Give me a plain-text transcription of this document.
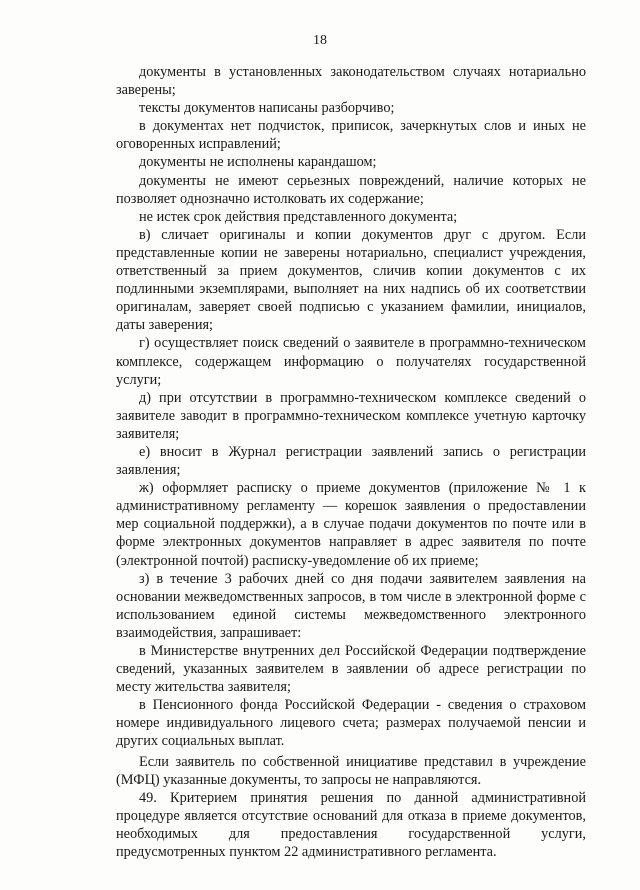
18

документы в установленных законодательством случаях нотариально заверены;

тексты документов написаны разборчиво;

в документах нет подчисток, приписок, зачеркнутых слов и иных не оговоренных исправлений;

документы не исполнены карандашом;

документы не имеют серьезных повреждений, наличие которых не позволяет однозначно истолковать их содержание;

не истек срок действия представленного документа;

в) сличает оригиналы и копии документов друг с другом. Если представленные копии не заверены нотариально, специалист учреждения, ответственный за прием документов, сличив копии документов с их подлинными экземплярами, выполняет на них надпись об их соответствии оригиналам, заверяет своей подписью с указанием фамилии, инициалов, даты заверения;

г) осуществляет поиск сведений о заявителе в программно-техническом комплексе, содержащем информацию о получателях государственной услуги;

д) при отсутствии в программно-техническом комплексе сведений о заявителе заводит в программно-техническом комплексе учетную карточку заявителя;

е) вносит в Журнал регистрации заявлений запись о регистрации заявления;

ж) оформляет расписку о приеме документов (приложение № 1 к административному регламенту — корешок заявления о предоставлении мер социальной поддержки), а в случае подачи документов по почте или в форме электронных документов направляет в адрес заявителя по почте (электронной почтой) расписку-уведомление об их приеме;

з) в течение 3 рабочих дней со дня подачи заявителем заявления на основании межведомственных запросов, в том числе в электронной форме с использованием единой системы межведомственного электронного взаимодействия, запрашивает:

в Министерстве внутренних дел Российской Федерации подтверждение сведений, указанных заявителем в заявлении об адресе регистрации по месту жительства заявителя;

в Пенсионного фонда Российской Федерации - сведения о страховом номере индивидуального лицевого счета; размерах получаемой пенсии и других социальных выплат.

Если заявитель по собственной инициативе представил в учреждение (МФЦ) указанные документы, то запросы не направляются.

49. Критерием принятия решения по данной административной процедуре является отсутствие оснований для отказа в приеме документов, необходимых для предоставления государственной услуги, предусмотренных пунктом 22 административного регламента.
